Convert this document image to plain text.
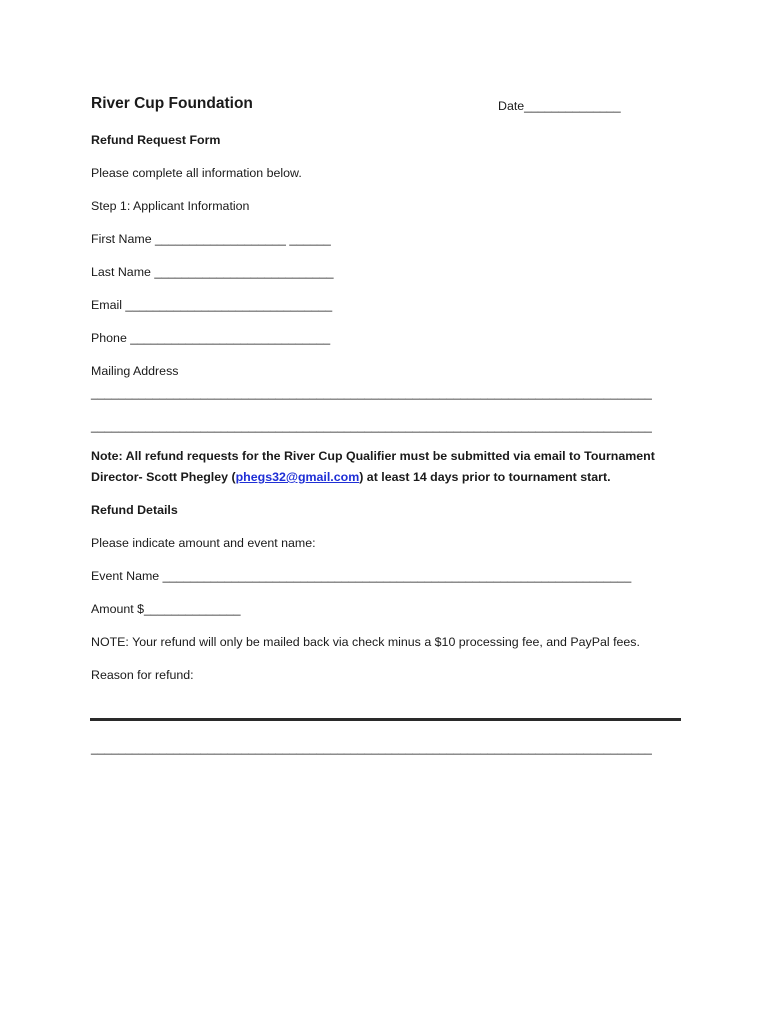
River Cup Foundation	Date______________
Refund Request Form
Please complete all information below.
Step 1: Applicant Information
First Name ___________________ ______
Last Name __________________________
Email ______________________________
Phone _____________________________
Mailing Address
__________________________________________________________________________________
__________________________________________________________________________________
Note: All refund requests for the River Cup Qualifier must be submitted via email to Tournament
Director- Scott Phegley (phegs32@gmail.com) at least 14 days prior to tournament start.
Refund Details
Please indicate amount and event name:
Event Name ____________________________________________________________________
Amount $______________
NOTE: Your refund will only be mailed back via check minus a $10 processing fee, and PayPal fees.
Reason for refund:
__________________________________________________________________________________
